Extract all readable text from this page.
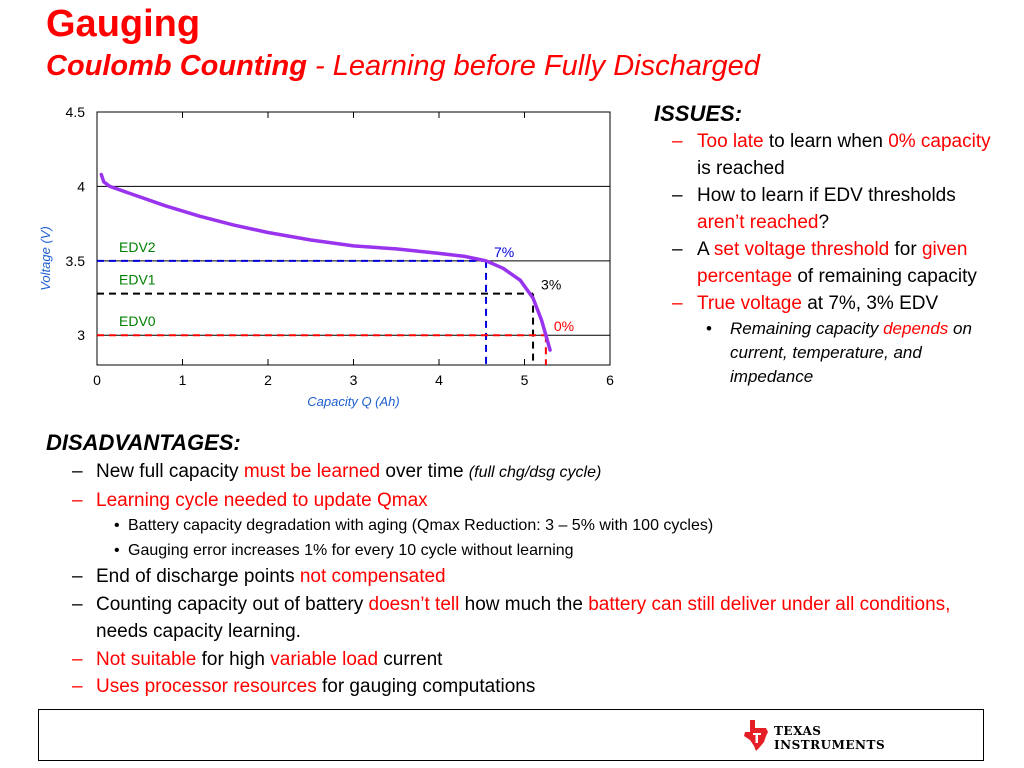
Gauging
Coulomb Counting - Learning before Fully Discharged
3
3.5
4
4.5
0	1	2	3	4	5	6
Capacity Q (Ah)
Voltage (V)	EDV2	7%
EDV1	3%
EDV0	0%
ISSUES:
– Too late to learn when 0% capacity is reached
– How to learn if EDV thresholds aren’t reached?
– A set voltage threshold for given percentage of remaining capacity
– True voltage at 7%, 3% EDV
• Remaining capacity depends on current, temperature, and impedance
DISADVANTAGES:
– New full capacity must be learned over time (full chg/dsg cycle)
– Learning cycle needed to update Qmax
• Battery capacity degradation with aging (Qmax Reduction: 3 – 5% with 100 cycles)
• Gauging error increases 1% for every 10 cycle without learning
– End of discharge points not compensated
– Counting capacity out of battery doesn’t tell how much the battery can still deliver under all conditions, needs capacity learning.
– Not suitable for high variable load current
– Uses processor resources for gauging computations
TEXAS
INSTRUMENTS
